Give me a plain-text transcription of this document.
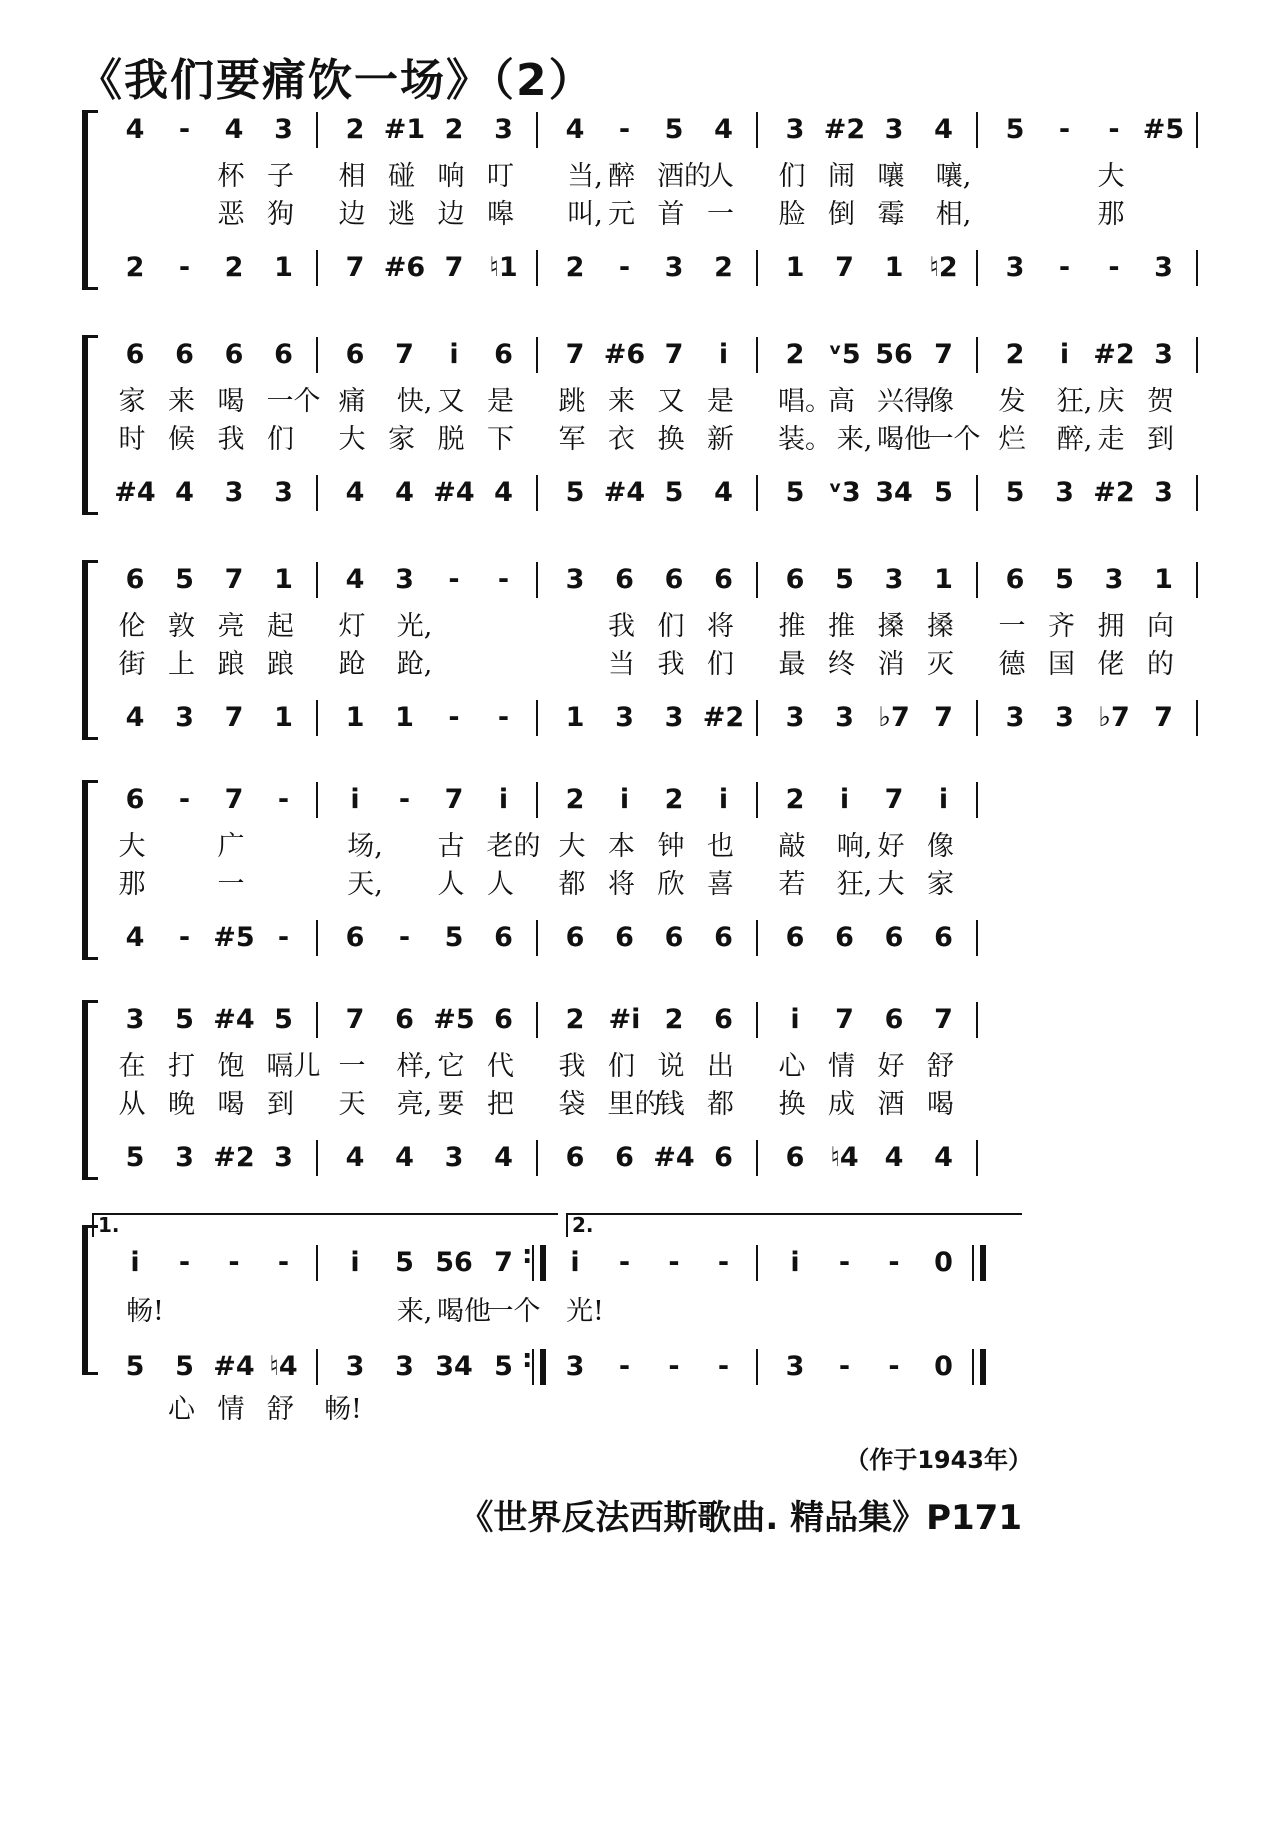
《我们要痛饮一场》（2）
4	-	4	3	2 #1 2	3	4	-	5	4	3 #2 3	4	5	-	- #5
杯 子	相 碰 响 叮	当, 醉 酒的
人	们 闹 嚷	嚷,	大
恶 狗	边 逃 边 嗥	叫, 元 首 一	脸 倒 霉	相,	那
2	-	2	1	7 #6 7 ♮1	2	-	3	2	1	7	1 ♮2	3	-	-	3
6	6	6	6	6	7	i	6	7 #6 7	i	2 ᵛ5 56 7	2	i #2 3
家 来 喝 一个 痛	快, 又 是	跳 来 又 是	唱。
高 兴得
像	发	狂, 庆 贺
时 候 我 们	大 家 脱 下	军 衣 换 新	装。 来, 喝他
一个 烂	醉, 走 到
#4 4	3	3	4	4 #4 4	5 #4 5	4	5 ᵛ3 34 5	5	3 #2 3
6	5	7	1	4	3	-	-	3	6	6	6	6	5	3	1	6	5	3	1
伦 敦 亮 起	灯	光,	我 们 将	推 推 搡 搡	一 齐 拥 向
街 上 踉 踉	跄	跄,	当 我 们	最 终 消 灭	德 国 佬 的
4	3	7	1	1	1	-	-	1	3	3 #2	3	3 ♭7 7	3	3 ♭7 7
6	-	7	-	i	-	7	i	2	i	2	i	2	i	7	i
大	广	场,	古 老的 大 本 钟 也	敲	响, 好 像
那	一	天,	人 人	都 将 欣 喜	若	狂, 大 家
4	- #5 -	6	-	5	6	6	6	6	6	6	6	6	6
3	5 #4 5	7	6 #5 6	2 #i 2	6	i	7	6	7
在 打 饱 嗝儿 一	样, 它 代	我 们 说 出	心 情 好 舒
从 晚 喝 到	天	亮, 要 把	袋 里的
钱 都	换 成 酒 喝
5	3 #2 3	4	4	3	4	6	6 #4 6	6 ♮4 4	4
1.	2.
i	-	-	-	i	5 56 7 :	i	-	-	-	i	-	-	0
畅!	来, 喝他
一个 光!
5	5 #4 ♮4	3	3 34 5 :	3	-	-	-	3	-	-	0
心 情 舒	畅!
（作于1943年）
《世界反法西斯歌曲. 精品集》P171
